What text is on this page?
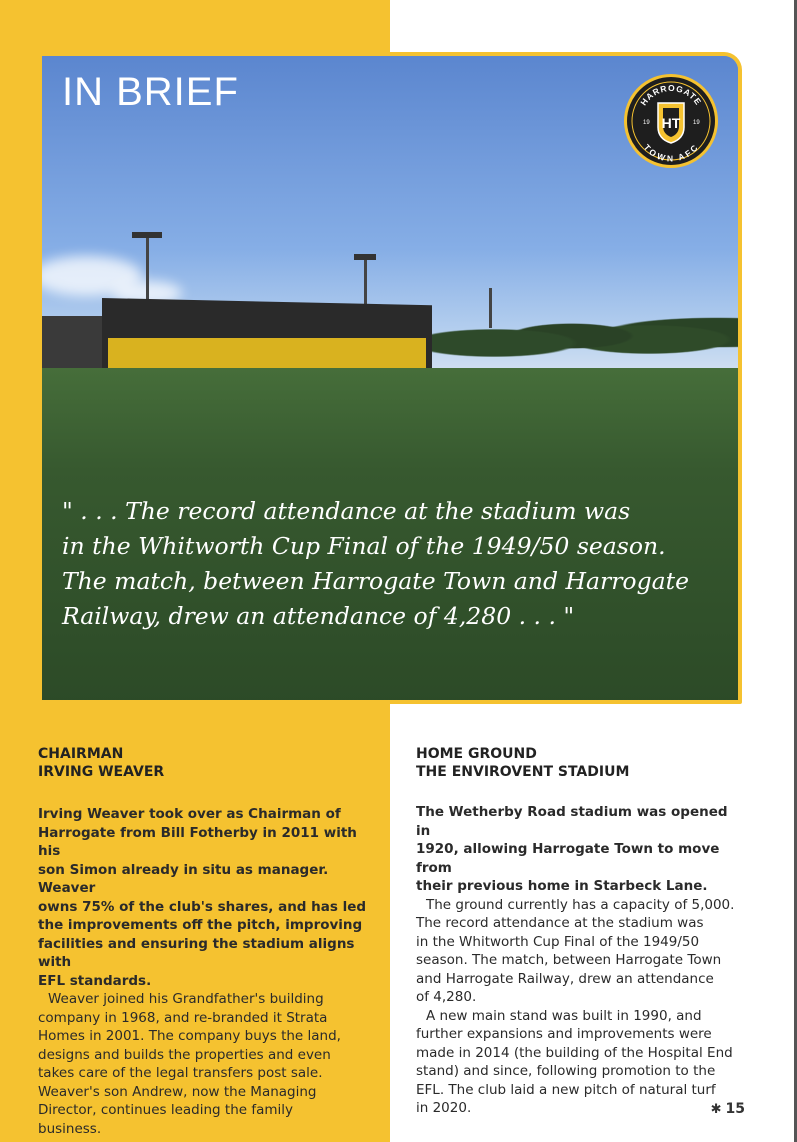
IN BRIEF	HARROGATE
TOWN AFC
19	19
HT

" . . . The record attendance at the stadium was

in the Whitworth Cup Final of the 1949/50 season.

The match, between Harrogate Town and Harrogate

Railway, drew an attendance of 4,280 . . . "

CHAIRMAN
IRVING WEAVER
Irving Weaver took over as Chairman of
Harrogate from Bill Fotherby in 2011 with his
son Simon already in situ as manager. Weaver
owns 75% of the club's shares, and has led
the improvements off the pitch, improving
facilities and ensuring the stadium aligns with
EFL standards.
Weaver joined his Grandfather's building
company in 1968, and re-branded it Strata
Homes in 2001. The company buys the land,
designs and builds the properties and even
takes care of the legal transfers post sale.
Weaver's son Andrew, now the Managing
Director, continues leading the family
business.
HOME GROUND
THE ENVIROVENT STADIUM
The Wetherby Road stadium was opened in
1920, allowing Harrogate Town to move from
their previous home in Starbeck Lane.
The ground currently has a capacity of 5,000.
The record attendance at the stadium was
in the Whitworth Cup Final of the 1949/50
season. The match, between Harrogate Town
and Harrogate Railway, drew an attendance
of 4,280.
A new main stand was built in 1990, and
further expansions and improvements were
made in 2014 (the building of the Hospital End
stand) and since, following promotion to the
EFL. The club laid a new pitch of natural turf
in 2020.	✱ 15
